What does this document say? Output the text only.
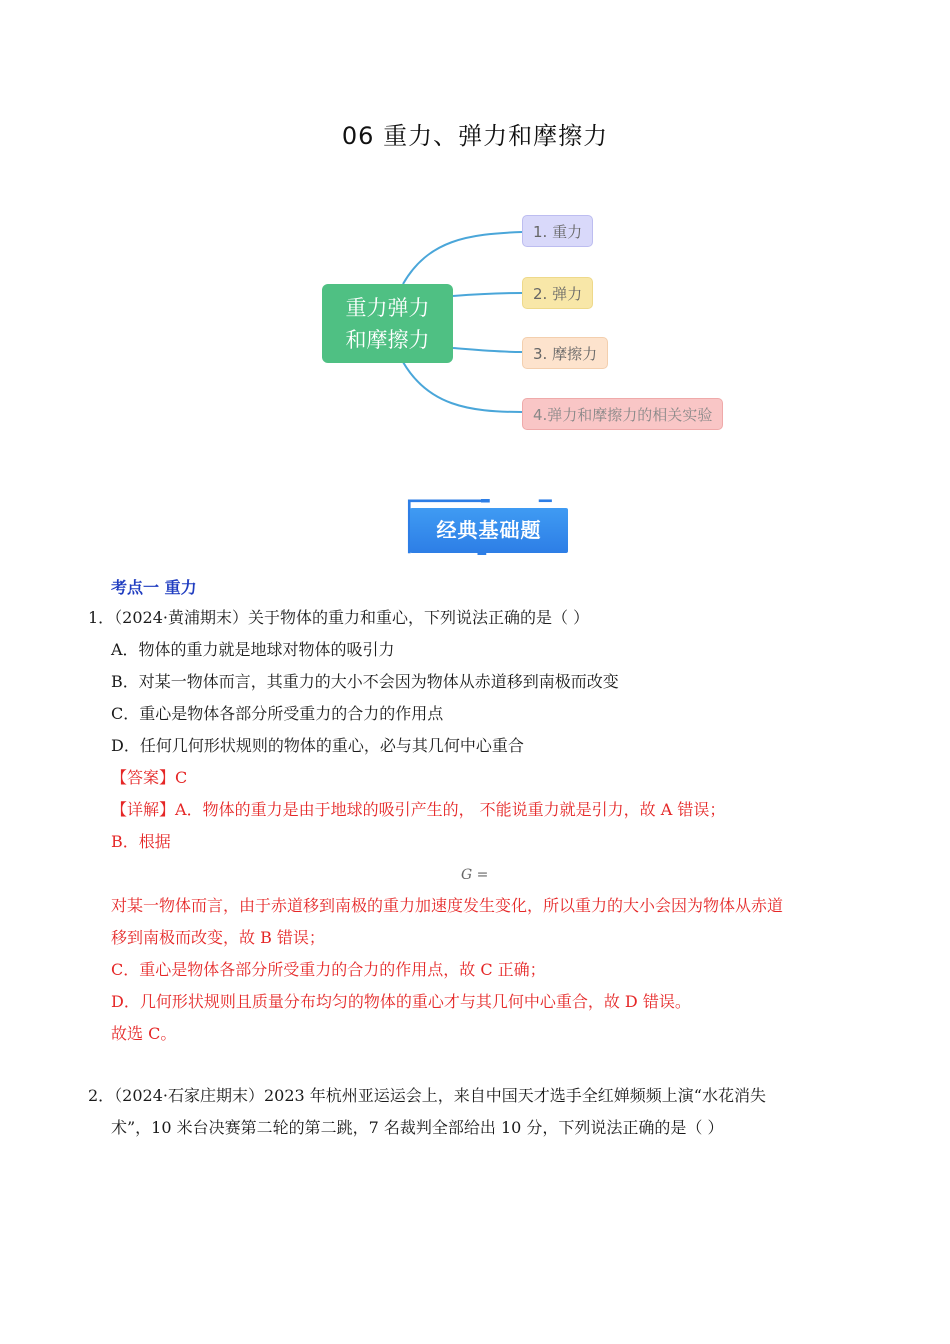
06 重力、弹力和摩擦力
重力弹力
和摩擦力
1. 重力
2. 弹力
3. 摩擦力
4.弹力和摩擦力的相关实验
经典基础题
考点一 重力
1．（2024·黄浦期末）关于物体的重力和重心，下列说法正确的是（ ）
A．物体的重力就是地球对物体的吸引力
B．对某一物体而言，其重力的大小不会因为物体从赤道移到南极而改变
C．重心是物体各部分所受重力的合力的作用点
D．任何几何形状规则的物体的重心，必与其几何中心重合
【答案】C
【详解】A．物体的重力是由于地球的吸引产生的， 不能说重力就是引力，故 A 错误；
B．根据
G =
对某一物体而言，由于赤道移到南极的重力加速度发生变化，所以重力的大小会因为物体从赤道
移到南极而改变，故 B 错误；
C．重心是物体各部分所受重力的合力的作用点，故 C 正确；
D．几何形状规则且质量分布均匀的物体的重心才与其几何中心重合，故 D 错误。
故选 C。
2．（2024·石家庄期末）2023 年杭州亚运运会上，来自中国天才选手全红婵频频上演“水花消失
术”，10 米台决赛第二轮的第二跳，7 名裁判全部给出 10 分，下列说法正确的是（ ）
